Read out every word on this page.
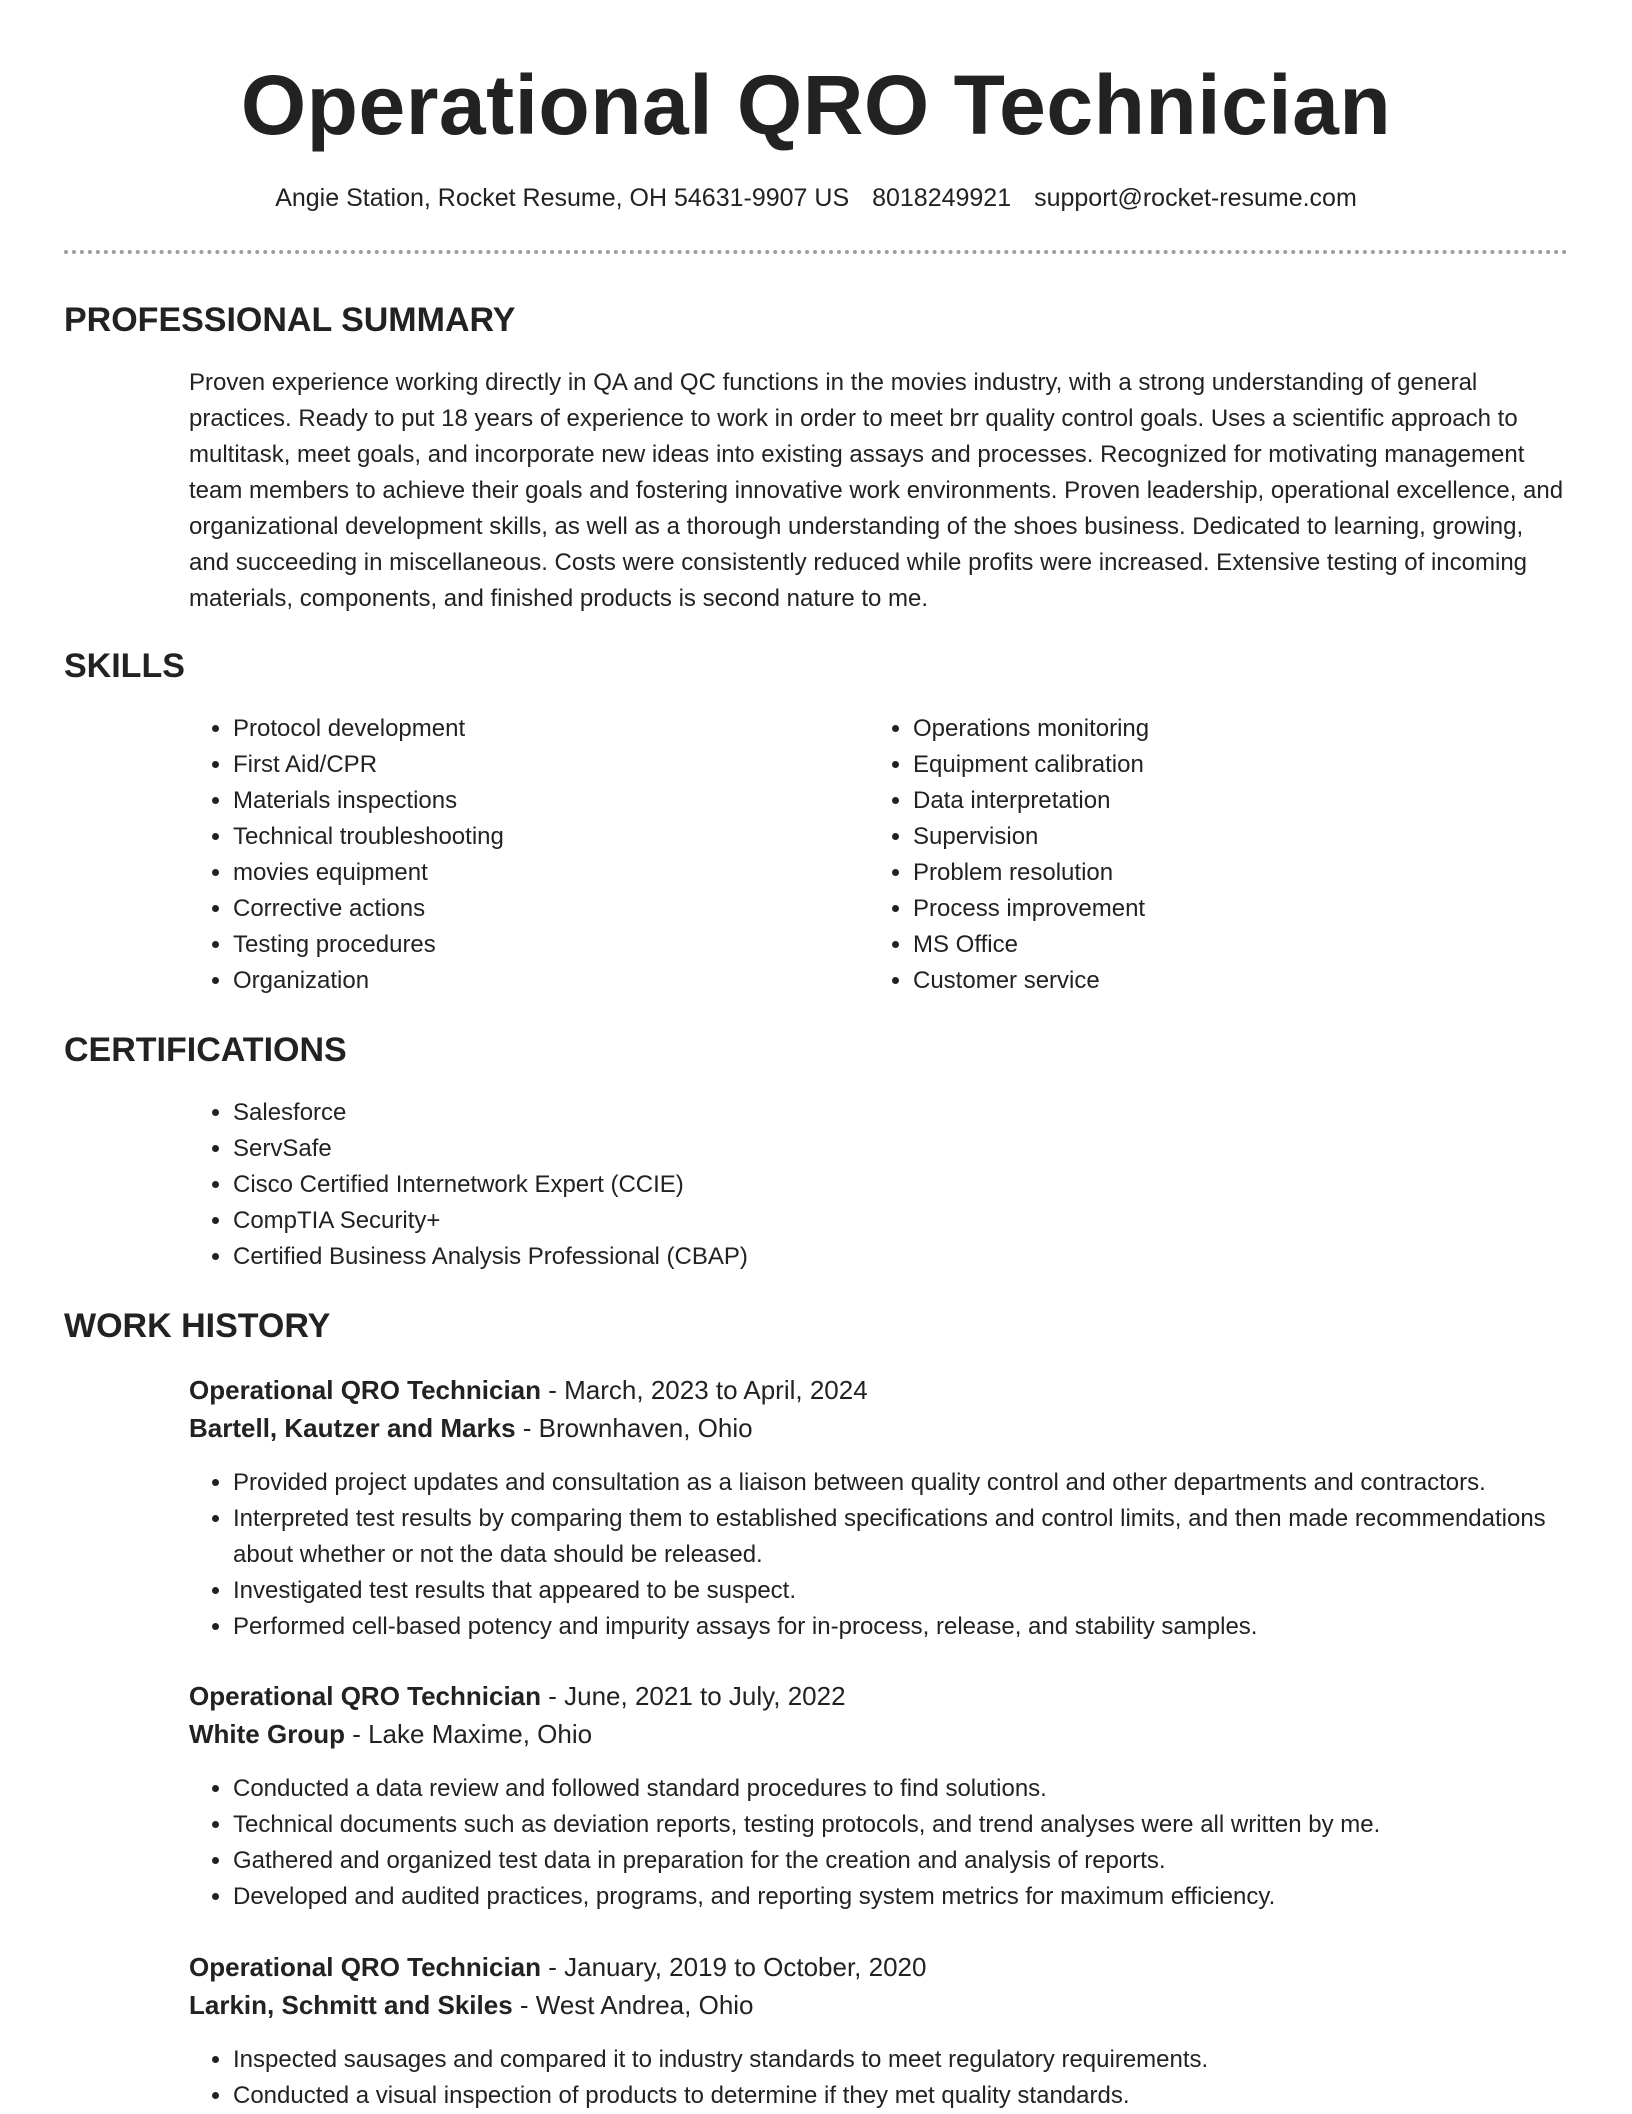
Operational QRO Technician
Angie Station, Rocket Resume, OH 54631-9907 US 8018249921 support@rocket-resume.com
PROFESSIONAL SUMMARY

Proven experience working directly in QA and QC functions in the movies industry, with a strong understanding of general practices. Ready to put 18 years of experience to work in order to meet brr quality control goals. Uses a scientific approach to multitask, meet goals, and incorporate new ideas into existing assays and processes. Recognized for motivating management team members to achieve their goals and fostering innovative work environments. Proven leadership, operational excellence, and organizational development skills, as well as a thorough understanding of the shoes business. Dedicated to learning, growing, and succeeding in miscellaneous. Costs were consistently reduced while profits were increased. Extensive testing of incoming materials, components, and finished products is second nature to me.

SKILLS
• Protocol development
• First Aid/CPR
• Materials inspections
• Technical troubleshooting
• movies equipment
• Corrective actions
• Testing procedures
• Organization
• Operations monitoring
• Equipment calibration
• Data interpretation
• Supervision
• Problem resolution
• Process improvement
• MS Office
• Customer service
CERTIFICATIONS
• Salesforce
• ServSafe
• Cisco Certified Internetwork Expert (CCIE)
• CompTIA Security+
• Certified Business Analysis Professional (CBAP)
WORK HISTORY
Operational QRO Technician - March, 2023 to April, 2024
Bartell, Kautzer and Marks - Brownhaven, Ohio
• Provided project updates and consultation as a liaison between quality control and other departments and contractors.
• Interpreted test results by comparing them to established specifications and control limits, and then made recommendations about whether or not the data should be released.
• Investigated test results that appeared to be suspect.
• Performed cell-based potency and impurity assays for in-process, release, and stability samples.
Operational QRO Technician - June, 2021 to July, 2022
White Group - Lake Maxime, Ohio
• Conducted a data review and followed standard procedures to find solutions.
• Technical documents such as deviation reports, testing protocols, and trend analyses were all written by me.
• Gathered and organized test data in preparation for the creation and analysis of reports.
• Developed and audited practices, programs, and reporting system metrics for maximum efficiency.
Operational QRO Technician - January, 2019 to October, 2020
Larkin, Schmitt and Skiles - West Andrea, Ohio
• Inspected sausages and compared it to industry standards to meet regulatory requirements.
• Conducted a visual inspection of products to determine if they met quality standards.
